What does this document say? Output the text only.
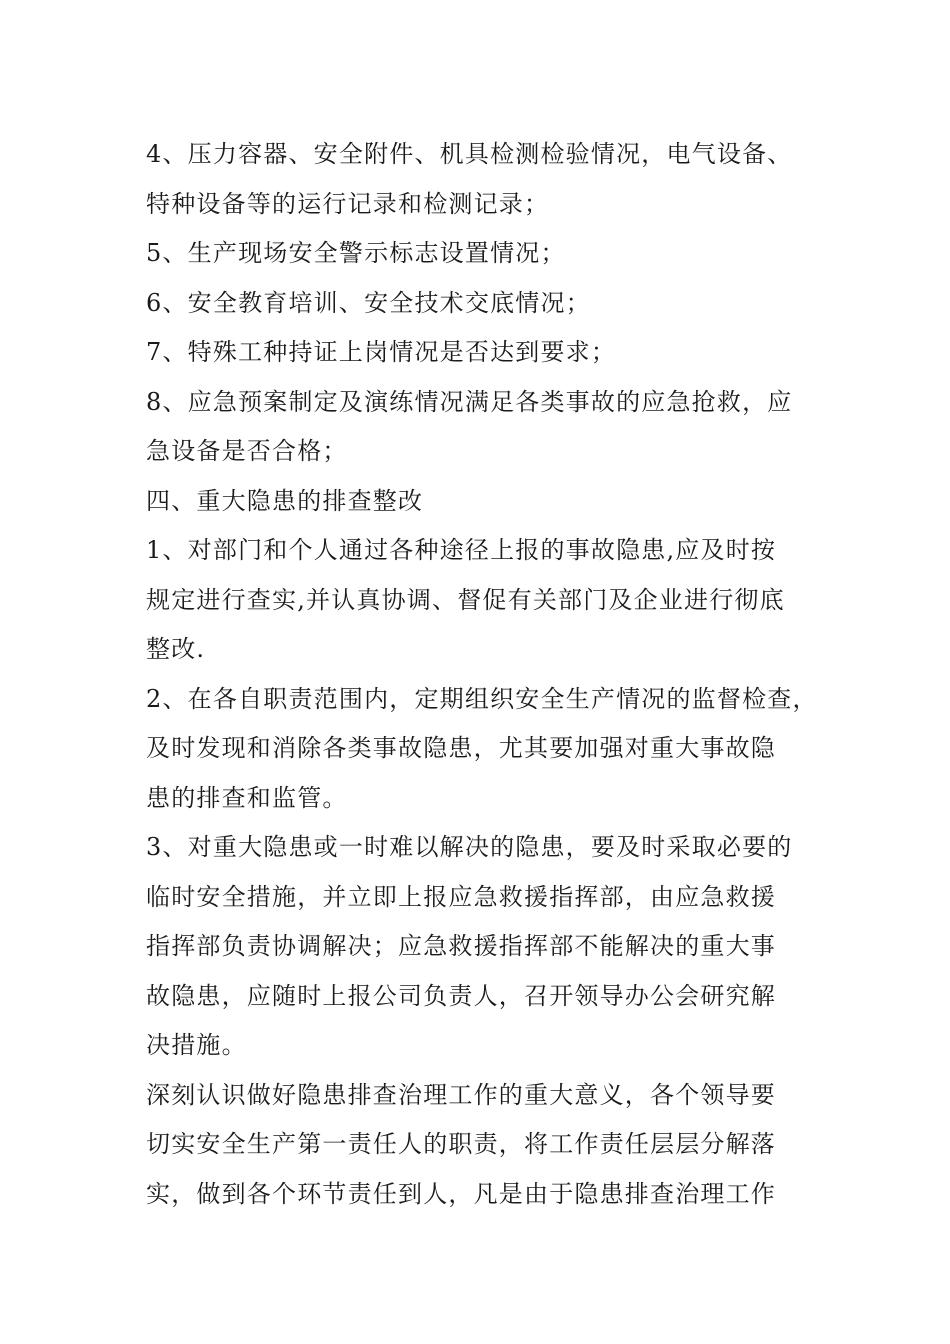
4、压力容器、安全附件、机具检测检验情况，电气设备、
特种设备等的运行记录和检测记录；
5、生产现场安全警示标志设置情况；
6、安全教育培训、安全技术交底情况；
7、特殊工种持证上岗情况是否达到要求；
8、应急预案制定及演练情况满足各类事故的应急抢救，应
急设备是否合格；
四、重大隐患的排查整改
1、对部门和个人通过各种途径上报的事故隐患,应及时按
规定进行查实,并认真协调、督促有关部门及企业进行彻底
整改.
2、在各自职责范围内，定期组织安全生产情况的监督检查，
及时发现和消除各类事故隐患，尤其要加强对重大事故隐
患的排查和监管。
3、对重大隐患或一时难以解决的隐患，要及时采取必要的
临时安全措施，并立即上报应急救援指挥部，由应急救援
指挥部负责协调解决；应急救援指挥部不能解决的重大事
故隐患，应随时上报公司负责人，召开领导办公会研究解
决措施。
深刻认识做好隐患排查治理工作的重大意义，各个领导要
切实安全生产第一责任人的职责，将工作责任层层分解落
实，做到各个环节责任到人，凡是由于隐患排查治理工作
